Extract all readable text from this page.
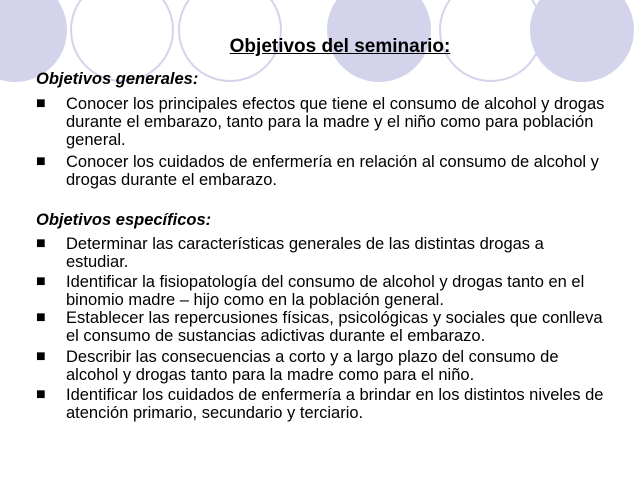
Objetivos del seminario:
Objetivos generales:
■ Conocer los principales efectos que tiene el consumo de alcohol y drogas durante el embarazo, tanto para la madre y el niño como para población general.
■ Conocer los cuidados de enfermería en relación al consumo de alcohol y drogas durante el embarazo.
Objetivos específicos:
■ Determinar las características generales de las distintas drogas a estudiar.
■ Identificar la fisiopatología del consumo de alcohol y drogas tanto en el binomio madre – hijo como en la población general.
■ Establecer las repercusiones físicas, psicológicas y sociales que conlleva el consumo de sustancias adictivas durante el embarazo.
■ Describir las consecuencias a corto y a largo plazo del consumo de alcohol y drogas tanto para la madre como para el niño.
■ Identificar los cuidados de enfermería a brindar en los distintos niveles de atención primario, secundario y terciario.
